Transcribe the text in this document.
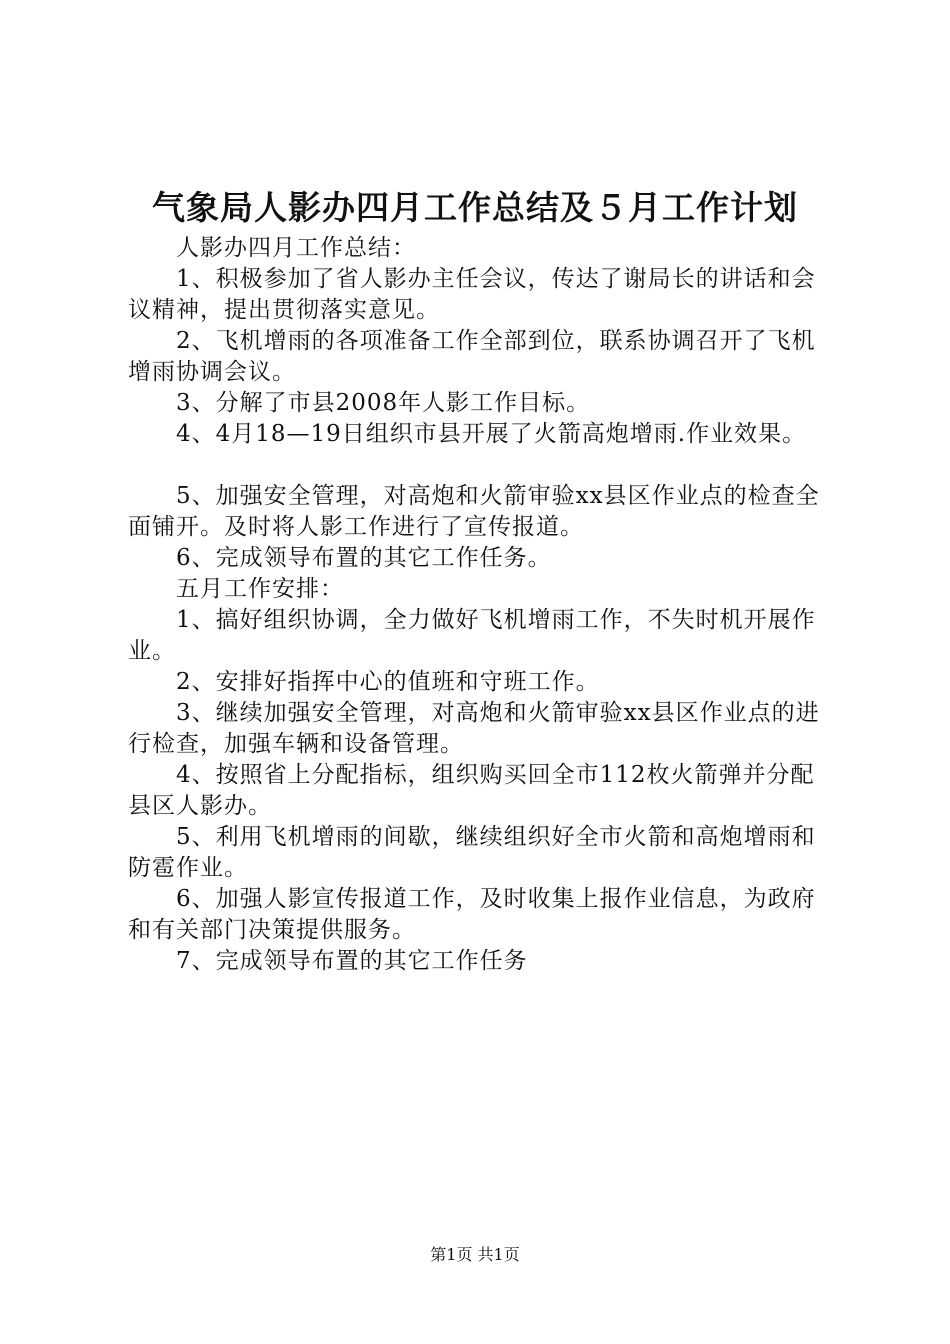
气象局人影办四月工作总结及５月工作计划

人影办四月工作总结：

1、积极参加了省人影办主任会议，传达了谢局长的讲话和会议精神，提出贯彻落实意见。

2、飞机增雨的各项准备工作全部到位，联系协调召开了飞机增雨协调会议。

3、分解了市县2008年人影工作目标。

4、4月18—19日组织市县开展了火箭高炮增雨.作业效果。

5、加强安全管理，对高炮和火箭审验xx县区作业点的检查全面铺开。及时将人影工作进行了宣传报道。

6、完成领导布置的其它工作任务。

五月工作安排：

1、搞好组织协调，全力做好飞机增雨工作，不失时机开展作业。

2、安排好指挥中心的值班和守班工作。

3、继续加强安全管理，对高炮和火箭审验xx县区作业点的进行检查，加强车辆和设备管理。

4、按照省上分配指标，组织购买回全市112枚火箭弹并分配县区人影办。

5、利用飞机增雨的间歇，继续组织好全市火箭和高炮增雨和防雹作业。

6、加强人影宣传报道工作，及时收集上报作业信息，为政府和有关部门决策提供服务。

7、完成领导布置的其它工作任务

第1页 共1页
